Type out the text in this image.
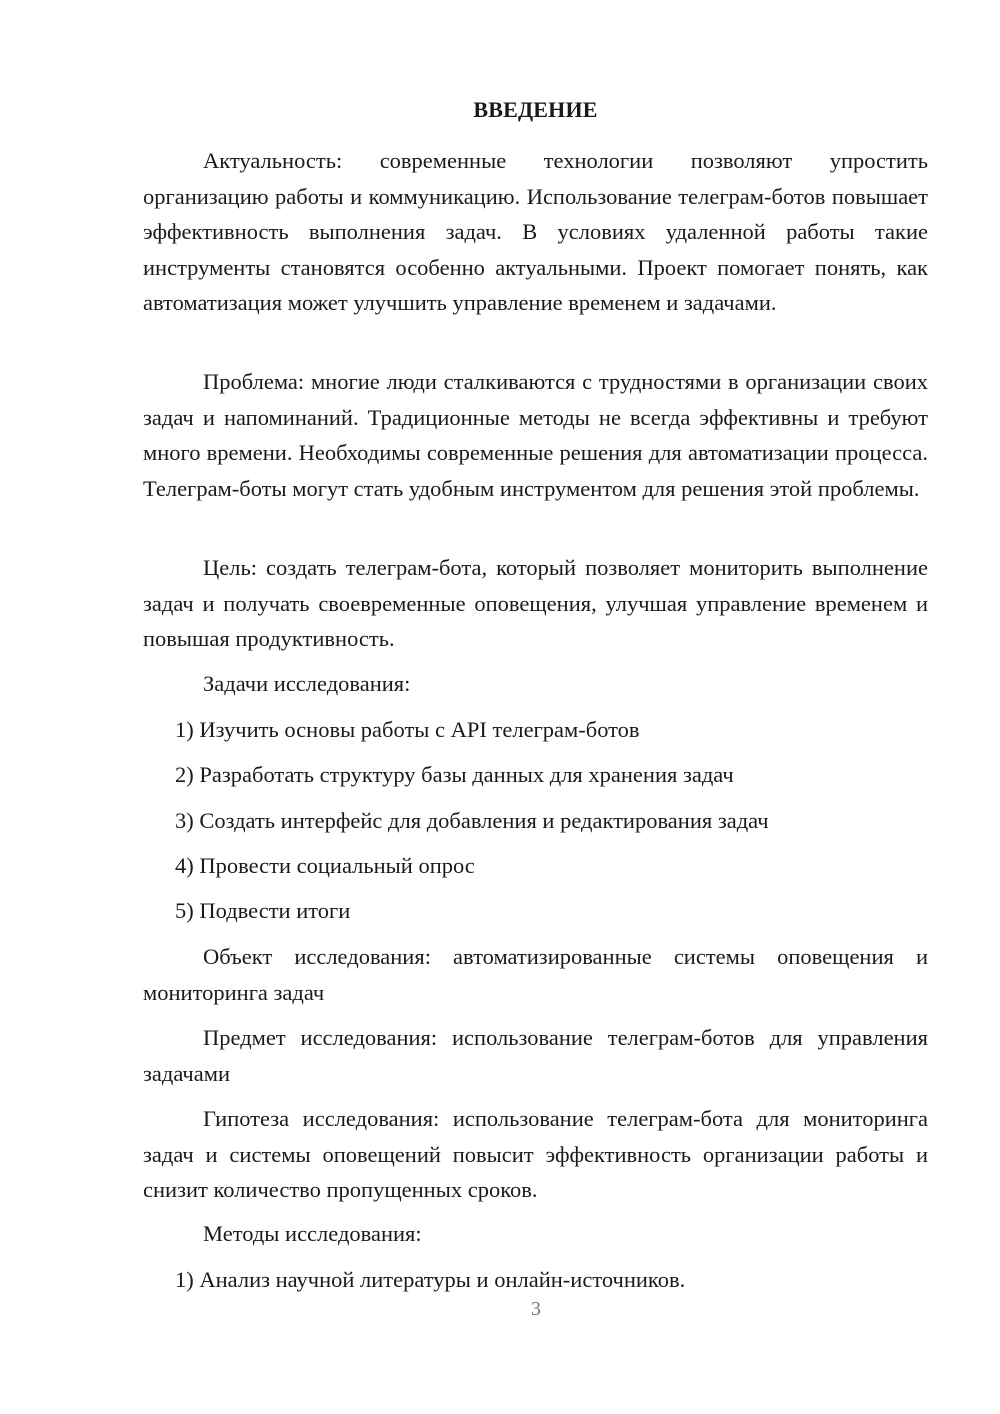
ВВЕДЕНИЕ
Актуальность: современные технологии позволяют упростить организацию работы и коммуникацию. Использование телеграм-ботов повышает эффективность выполнения задач. В условиях удаленной работы такие инструменты становятся особенно актуальными. Проект помогает понять, как автоматизация может улучшить управление временем и задачами.
Проблема: многие люди сталкиваются с трудностями в организации своих задач и напоминаний. Традиционные методы не всегда эффективны и требуют много времени. Необходимы современные решения для автоматизации процесса. Телеграм-боты могут стать удобным инструментом для решения этой проблемы.
Цель: создать телеграм-бота, который позволяет мониторить выполнение задач и получать своевременные оповещения, улучшая управление временем и повышая продуктивность.
Задачи исследования:
1) Изучить основы работы с API телеграм-ботов
2) Разработать структуру базы данных для хранения задач
3) Создать интерфейс для добавления и редактирования задач
4) Провести социальный опрос
5) Подвести итоги
Объект исследования: автоматизированные системы оповещения и мониторинга задач
Предмет исследования: использование телеграм-ботов для управления задачами
Гипотеза исследования: использование телеграм-бота для мониторинга задач и системы оповещений повысит эффективность организации работы и снизит количество пропущенных сроков.
Методы исследования:
1) Анализ научной литературы и онлайн-источников.
3
